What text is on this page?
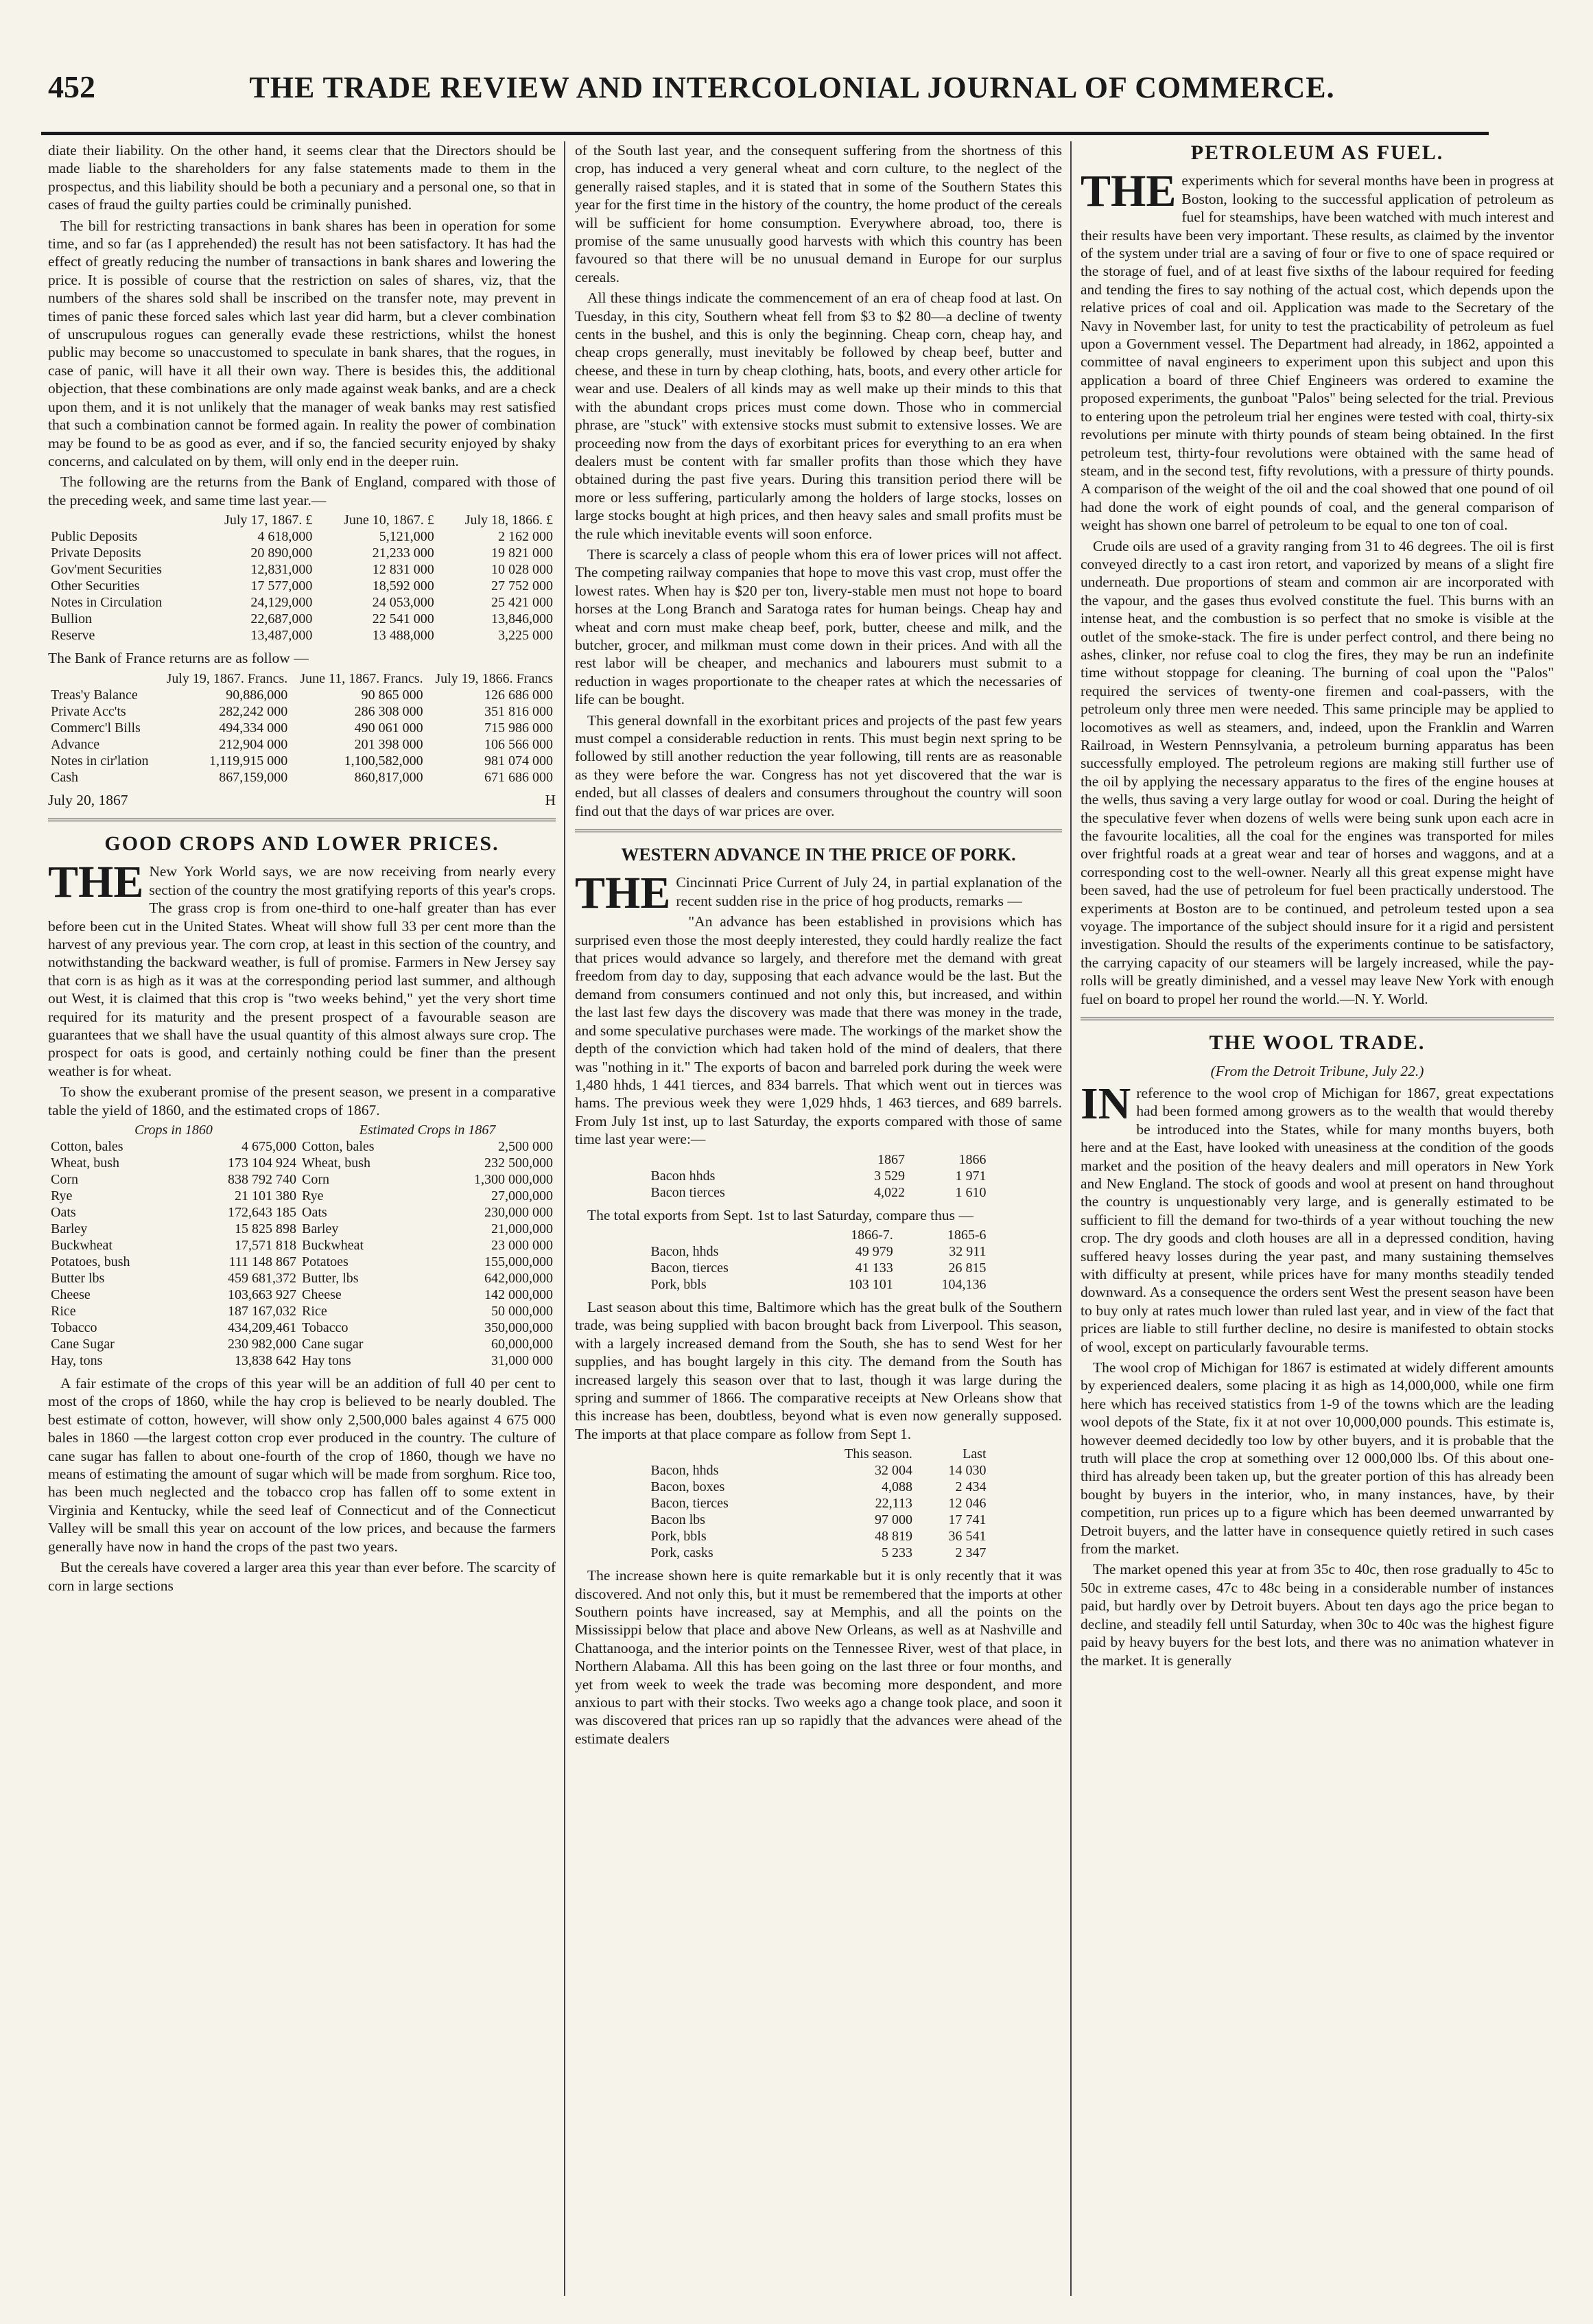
452	THE TRADE REVIEW AND INTERCOLONIAL JOURNAL OF COMMERCE.

diate their liability. On the other hand, it seems clear that the Directors should be made liable to the shareholders for any false statements made to them in the prospectus, and this liability should be both a pecuniary and a personal one, so that in cases of fraud the guilty parties could be criminally punished.

The bill for restricting transactions in bank shares has been in operation for some time, and so far (as I apprehended) the result has not been satisfactory. It has had the effect of greatly reducing the number of transactions in bank shares and lowering the price. It is possible of course that the restriction on sales of shares, viz, that the numbers of the shares sold shall be inscribed on the transfer note, may prevent in times of panic these forced sales which last year did harm, but a clever combination of unscrupulous rogues can generally evade these restrictions, whilst the honest public may become so unaccustomed to speculate in bank shares, that the rogues, in case of panic, will have it all their own way. There is besides this, the additional objection, that these combinations are only made against weak banks, and are a check upon them, and it is not unlikely that the manager of weak banks may rest satisfied that such a combination cannot be formed again. In reality the power of combination may be found to be as good as ever, and if so, the fancied security enjoyed by shaky concerns, and calculated on by them, will only end in the deeper ruin.

The following are the returns from the Bank of England, compared with those of the preceding week, and same time last year.—

	July 17, 1867. £	June 10, 1867. £	July 18, 1866. £
Public Deposits	4 618,000	5,121,000	2 162 000
Private Deposits	20 890,000	21,233 000	19 821 000
Gov'ment Securities	12,831,000	12 831 000	10 028 000
Other Securities	17 577,000	18,592 000	27 752 000
Notes in Circulation	24,129,000	24 053,000	25 421 000
Bullion	22,687,000	22 541 000	13,846,000
Reserve	13,487,000	13 488,000	3,225 000

The Bank of France returns are as follow —

	July 19, 1867. Francs.	June 11, 1867. Francs.	July 19, 1866. Francs
Treas'y Balance	90,886,000	90 865 000	126 686 000
Private Acc'ts	282,242 000	286 308 000	351 816 000
Commerc'l Bills	494,334 000	490 061 000	715 986 000
Advance	212,904 000	201 398 000	106 566 000
Notes in cir'lation	1,119,915 000	1,100,582,000	981 074 000
Cash	867,159,000	860,817,000	671 686 000
July 20, 1867	H
GOOD CROPS AND LOWER PRICES.

THE New York World says, we are now receiving from nearly every section of the country the most gratifying reports of this year's crops. The grass crop is from one-third to one-half greater than has ever before been cut in the United States. Wheat will show full 33 per cent more than the harvest of any previous year. The corn crop, at least in this section of the country, and notwithstanding the backward weather, is full of promise. Farmers in New Jersey say that corn is as high as it was at the corresponding period last summer, and although out West, it is claimed that this crop is "two weeks behind," yet the very short time required for its maturity and the present prospect of a favourable season are guarantees that we shall have the usual quantity of this almost always sure crop. The prospect for oats is good, and certainly nothing could be finer than the present weather is for wheat.

To show the exuberant promise of the present season, we present in a comparative table the yield of 1860, and the estimated crops of 1867.

Crops in 1860		Estimated Crops in 1867	
Cotton, bales	4 675,000	Cotton, bales	2,500 000
Wheat, bush	173 104 924	Wheat, bush	232 500,000
Corn	838 792 740	Corn	1,300 000,000
Rye	21 101 380	Rye	27,000,000
Oats	172,643 185	Oats	230,000 000
Barley	15 825 898	Barley	21,000,000
Buckwheat	17,571 818	Buckwheat	23 000 000
Potatoes, bush	111 148 867	Potatoes	155,000,000
Butter lbs	459 681,372	Butter, lbs	642,000,000
Cheese	103,663 927	Cheese	142 000,000
Rice	187 167,032	Rice	50 000,000
Tobacco	434,209,461	Tobacco	350,000,000
Cane Sugar	230 982,000	Cane sugar	60,000,000
Hay, tons	13,838 642	Hay tons	31,000 000

A fair estimate of the crops of this year will be an addition of full 40 per cent to most of the crops of 1860, while the hay crop is believed to be nearly doubled. The best estimate of cotton, however, will show only 2,500,000 bales against 4 675 000 bales in 1860 —the largest cotton crop ever produced in the country. The culture of cane sugar has fallen to about one-fourth of the crop of 1860, though we have no means of estimating the amount of sugar which will be made from sorghum. Rice too, has been much neglected and the tobacco crop has fallen off to some extent in Virginia and Kentucky, while the seed leaf of Connecticut and of the Connecticut Valley will be small this year on account of the low prices, and because the farmers generally have now in hand the crops of the past two years.

But the cereals have covered a larger area this year than ever before. The scarcity of corn in large sections

of the South last year, and the consequent suffering from the shortness of this crop, has induced a very general wheat and corn culture, to the neglect of the generally raised staples, and it is stated that in some of the Southern States this year for the first time in the history of the country, the home product of the cereals will be sufficient for home consumption. Everywhere abroad, too, there is promise of the same unusually good harvests with which this country has been favoured so that there will be no unusual demand in Europe for our surplus cereals.

All these things indicate the commencement of an era of cheap food at last. On Tuesday, in this city, Southern wheat fell from $3 to $2 80—a decline of twenty cents in the bushel, and this is only the beginning. Cheap corn, cheap hay, and cheap crops generally, must inevitably be followed by cheap beef, butter and cheese, and these in turn by cheap clothing, hats, boots, and every other article for wear and use. Dealers of all kinds may as well make up their minds to this that with the abundant crops prices must come down. Those who in commercial phrase, are "stuck" with extensive stocks must submit to extensive losses. We are proceeding now from the days of exorbitant prices for everything to an era when dealers must be content with far smaller profits than those which they have obtained during the past five years. During this transition period there will be more or less suffering, particularly among the holders of large stocks, losses on large stocks bought at high prices, and then heavy sales and small profits must be the rule which inevitable events will soon enforce.

There is scarcely a class of people whom this era of lower prices will not affect. The competing railway companies that hope to move this vast crop, must offer the lowest rates. When hay is $20 per ton, livery-stable men must not hope to board horses at the Long Branch and Saratoga rates for human beings. Cheap hay and wheat and corn must make cheap beef, pork, butter, cheese and milk, and the butcher, grocer, and milkman must come down in their prices. And with all the rest labor will be cheaper, and mechanics and labourers must submit to a reduction in wages proportionate to the cheaper rates at which the necessaries of life can be bought.

This general downfall in the exorbitant prices and projects of the past few years must compel a considerable reduction in rents. This must begin next spring to be followed by still another reduction the year following, till rents are as reasonable as they were before the war. Congress has not yet discovered that the war is ended, but all classes of dealers and consumers throughout the country will soon find out that the days of war prices are over.

WESTERN ADVANCE IN THE PRICE OF PORK.

THE Cincinnati Price Current of July 24, in partial explanation of the recent sudden rise in the price of hog products, remarks —

"An advance has been established in provisions which has surprised even those the most deeply interested, they could hardly realize the fact that prices would advance so largely, and therefore met the demand with great freedom from day to day, supposing that each advance would be the last. But the demand from consumers continued and not only this, but increased, and within the last last few days the discovery was made that there was money in the trade, and some speculative purchases were made. The workings of the market show the depth of the conviction which had taken hold of the mind of dealers, that there was "nothing in it." The exports of bacon and barreled pork during the week were 1,480 hhds, 1 441 tierces, and 834 barrels. That which went out in tierces was hams. The previous week they were 1,029 hhds, 1 463 tierces, and 689 barrels. From July 1st inst, up to last Saturday, the exports compared with those of same time last year were:—

	1867	1866
Bacon hhds	3 529	1 971
Bacon tierces	4,022	1 610

The total exports from Sept. 1st to last Saturday, compare thus —

	1866-7.	1865-6
Bacon, hhds	49 979	32 911
Bacon, tierces	41 133	26 815
Pork, bbls	103 101	104,136

Last season about this time, Baltimore which has the great bulk of the Southern trade, was being supplied with bacon brought back from Liverpool. This season, with a largely increased demand from the South, she has to send West for her supplies, and has bought largely in this city. The demand from the South has increased largely this season over that to last, though it was large during the spring and summer of 1866. The comparative receipts at New Orleans show that this increase has been, doubtless, beyond what is even now generally supposed. The imports at that place compare as follow from Sept 1.

	This season.	Last
Bacon, hhds	32 004	14 030
Bacon, boxes	4,088	2 434
Bacon, tierces	22,113	12 046
Bacon lbs	97 000	17 741
Pork, bbls	48 819	36 541
Pork, casks	5 233	2 347

The increase shown here is quite remarkable but it is only recently that it was discovered. And not only this, but it must be remembered that the imports at other Southern points have increased, say at Memphis, and all the points on the Mississippi below that place and above New Orleans, as well as at Nashville and Chattanooga, and the interior points on the Tennessee River, west of that place, in Northern Alabama. All this has been going on the last three or four months, and yet from week to week the trade was becoming more despondent, and more anxious to part with their stocks. Two weeks ago a change took place, and soon it was discovered that prices ran up so rapidly that the advances were ahead of the estimate dealers

PETROLEUM AS FUEL.

THE experiments which for several months have been in progress at Boston, looking to the successful application of petroleum as fuel for steamships, have been watched with much interest and their results have been very important. These results, as claimed by the inventor of the system under trial are a saving of four or five to one of space required or the storage of fuel, and of at least five sixths of the labour required for feeding and tending the fires to say nothing of the actual cost, which depends upon the relative prices of coal and oil. Application was made to the Secretary of the Navy in November last, for unity to test the practicability of petroleum as fuel upon a Government vessel. The Department had already, in 1862, appointed a committee of naval engineers to experiment upon this subject and upon this application a board of three Chief Engineers was ordered to examine the proposed experiments, the gunboat "Palos" being selected for the trial. Previous to entering upon the petroleum trial her engines were tested with coal, thirty-six revolutions per minute with thirty pounds of steam being obtained. In the first petroleum test, thirty-four revolutions were obtained with the same head of steam, and in the second test, fifty revolutions, with a pressure of thirty pounds. A comparison of the weight of the oil and the coal showed that one pound of oil had done the work of eight pounds of coal, and the general comparison of weight has shown one barrel of petroleum to be equal to one ton of coal.

Crude oils are used of a gravity ranging from 31 to 46 degrees. The oil is first conveyed directly to a cast iron retort, and vaporized by means of a slight fire underneath. Due proportions of steam and common air are incorporated with the vapour, and the gases thus evolved constitute the fuel. This burns with an intense heat, and the combustion is so perfect that no smoke is visible at the outlet of the smoke-stack. The fire is under perfect control, and there being no ashes, clinker, nor refuse coal to clog the fires, they may be run an indefinite time without stoppage for cleaning. The burning of coal upon the "Palos" required the services of twenty-one firemen and coal-passers, with the petroleum only three men were needed. This same principle may be applied to locomotives as well as steamers, and, indeed, upon the Franklin and Warren Railroad, in Western Pennsylvania, a petroleum burning apparatus has been successfully employed. The petroleum regions are making still further use of the oil by applying the necessary apparatus to the fires of the engine houses at the wells, thus saving a very large outlay for wood or coal. During the height of the speculative fever when dozens of wells were being sunk upon each acre in the favourite localities, all the coal for the engines was transported for miles over frightful roads at a great wear and tear of horses and waggons, and at a corresponding cost to the well-owner. Nearly all this great expense might have been saved, had the use of petroleum for fuel been practically understood. The experiments at Boston are to be continued, and petroleum tested upon a sea voyage. The importance of the subject should insure for it a rigid and persistent investigation. Should the results of the experiments continue to be satisfactory, the carrying capacity of our steamers will be largely increased, while the pay-rolls will be greatly diminished, and a vessel may leave New York with enough fuel on board to propel her round the world.—N. Y. World.

THE WOOL TRADE.
(From the Detroit Tribune, July 22.)

IN reference to the wool crop of Michigan for 1867, great expectations had been formed among growers as to the wealth that would thereby be introduced into the States, while for many months buyers, both here and at the East, have looked with uneasiness at the condition of the goods market and the position of the heavy dealers and mill operators in New York and New England. The stock of goods and wool at present on hand throughout the country is unquestionably very large, and is generally estimated to be sufficient to fill the demand for two-thirds of a year without touching the new crop. The dry goods and cloth houses are all in a depressed condition, having suffered heavy losses during the year past, and many sustaining themselves with difficulty at present, while prices have for many months steadily tended downward. As a consequence the orders sent West the present season have been to buy only at rates much lower than ruled last year, and in view of the fact that prices are liable to still further decline, no desire is manifested to obtain stocks of wool, except on particularly favourable terms.

The wool crop of Michigan for 1867 is estimated at widely different amounts by experienced dealers, some placing it as high as 14,000,000, while one firm here which has received statistics from 1-9 of the towns which are the leading wool depots of the State, fix it at not over 10,000,000 pounds. This estimate is, however deemed decidedly too low by other buyers, and it is probable that the truth will place the crop at something over 12 000,000 lbs. Of this about one-third has already been taken up, but the greater portion of this has already been bought by buyers in the interior, who, in many instances, have, by their competition, run prices up to a figure which has been deemed unwarranted by Detroit buyers, and the latter have in consequence quietly retired in such cases from the market.

The market opened this year at from 35c to 40c, then rose gradually to 45c to 50c in extreme cases, 47c to 48c being in a considerable number of instances paid, but hardly over by Detroit buyers. About ten days ago the price began to decline, and steadily fell until Saturday, when 30c to 40c was the highest figure paid by heavy buyers for the best lots, and there was no animation whatever in the market. It is generally
